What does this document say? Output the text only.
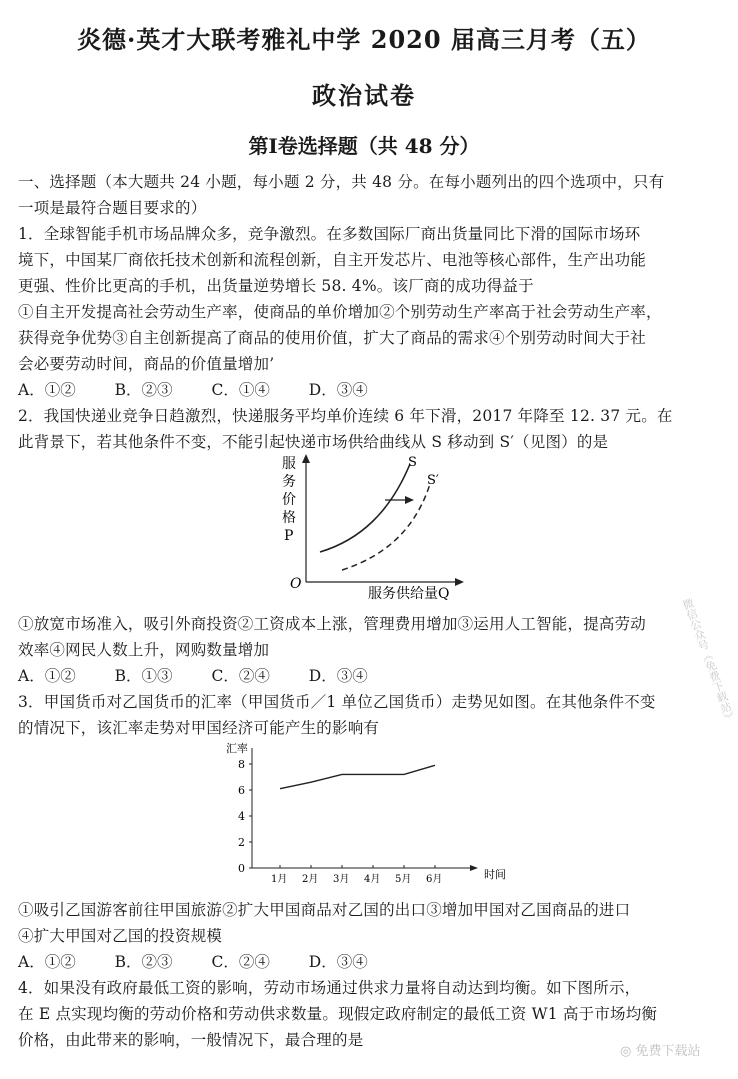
炎德·英才大联考雅礼中学 2020 届高三月考（五）
政治试卷
第Ⅰ卷选择题（共 48 分）
一、选择题（本大题共 24 小题，每小题 2 分，共 48 分。在每小题列出的四个选项中，只有
一项是最符合题目要求的）
1．全球智能手机市场品牌众多，竞争激烈。在多数国际厂商出货量同比下滑的国际市场环
境下，中国某厂商依托技术创新和流程创新，自主开发芯片、电池等核心部件，生产出功能
更强、性价比更高的手机，出货量逆势增长 58. 4%。该厂商的成功得益于
①自主开发提高社会劳动生产率，使商品的单价增加②个别劳动生产率高于社会劳动生产率，
获得竞争优势③自主创新提高了商品的使用价值，扩大了商品的需求④个别劳动时间大于社
会必要劳动时间，商品的价值量增加’
A．①②	B．②③	C．①④	D．③④
2．我国快递业竞争日趋激烈，快递服务平均单价连续 6 年下滑，2017 年降至 12. 37 元。在
此背景下，若其他条件不变，不能引起快递市场供给曲线从 S 移动到 S′（见图）的是
服
务
价
格
P
O
S
S′
服务供给量Q
①放宽市场准入，吸引外商投资②工资成本上涨，管理费用增加③运用人工智能，提高劳动
效率④网民人数上升，网购数量增加
A．①②	B．①③	C．②④	D．③④
3．甲国货币对乙国货币的汇率（甲国货币／1 单位乙国货币）走势见如图。在其他条件不变
的情况下，该汇率走势对甲国经济可能产生的影响有
汇率
时间
0
2
4
6
8
1月 2月 3月 4月 5月 6月
①吸引乙国游客前往甲国旅游②扩大甲国商品对乙国的出口③增加甲国对乙国商品的进口
④扩大甲国对乙国的投资规模
A．①②	B．②③	C．②④	D．③④
4．如果没有政府最低工资的影响，劳动市场通过供求力量将自动达到均衡。如下图所示，
在 E 点实现均衡的劳动价格和劳动供求数量。现假定政府制定的最低工资 W1 高于市场均衡
价格，由此带来的影响，一般情况下，最合理的是
微信公众号《免费下载站》
◎ 免费下载站
